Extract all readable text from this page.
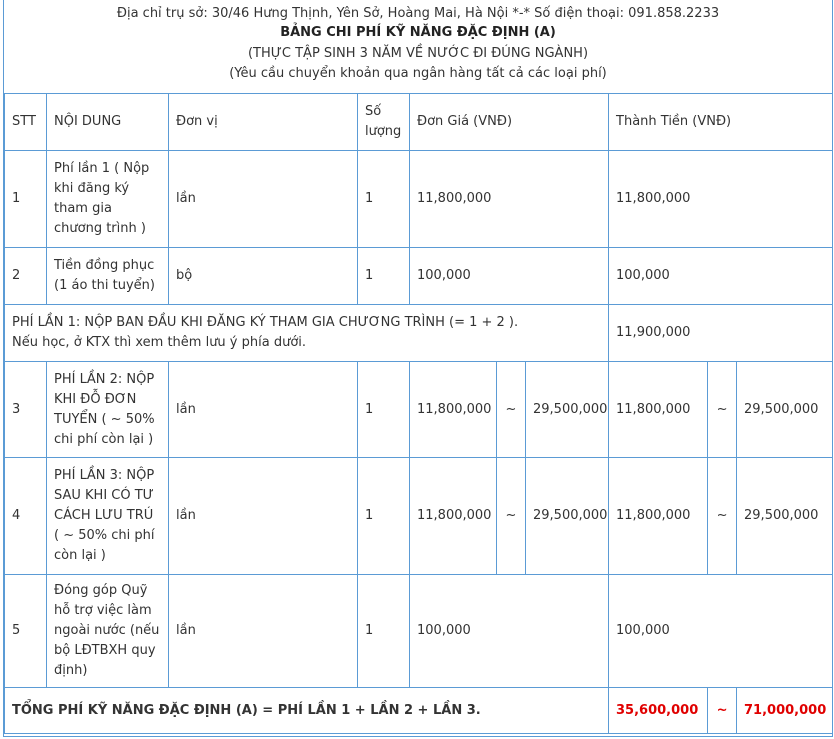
Địa chỉ trụ sở: 30/46 Hưng Thịnh, Yên Sở, Hoàng Mai, Hà Nội *-* Số điện thoại: 091.858.2233
BẢNG CHI PHÍ KỸ NĂNG ĐẶC ĐỊNH (A)
(THỰC TẬP SINH 3 NĂM VỀ NƯỚC ĐI ĐÚNG NGÀNH)
(Yêu cầu chuyển khoản qua ngân hàng tất cả các loại phí)
STT	NỘI DUNG	Đơn vị	Số lượng	Đơn Giá (VNĐ)			Thành Tiền (VNĐ)		
1	Phí lần 1 ( Nộp khi đăng ký tham gia chương trình )	lần	1	11,800,000			11,800,000		
2	Tiền đồng phục (1 áo thi tuyển)	bộ	1	100,000			100,000		

PHÍ LẦN 1: NỘP BAN ĐẦU KHI ĐĂNG KÝ THAM GIA CHƯƠNG TRÌNH (= 1 + 2 ).
Nếu học, ở KTX thì xem thêm lưu ý phía dưới.							11,900,000		
3	PHÍ LẦN 2: NỘP KHI ĐỖ ĐƠN TUYỂN ( ~ 50% chi phí còn lại )	lần	1	11,800,000	~	29,500,000	11,800,000	~	29,500,000
4	PHÍ LẦN 3: NỘP SAU KHI CÓ TƯ CÁCH LƯU TRÚ ( ~ 50% chi phí còn lại )	lần	1	11,800,000	~	29,500,000	11,800,000	~	29,500,000
5	Đóng góp Quỹ hỗ trợ việc làm ngoài nước (nếu bộ LĐTBXH quy định)	lần	1	100,000			100,000		
TỔNG PHÍ KỸ NĂNG ĐẶC ĐỊNH (A) = PHÍ LẦN 1 + LẦN 2 + LẦN 3.							35,600,000	~	71,000,000
